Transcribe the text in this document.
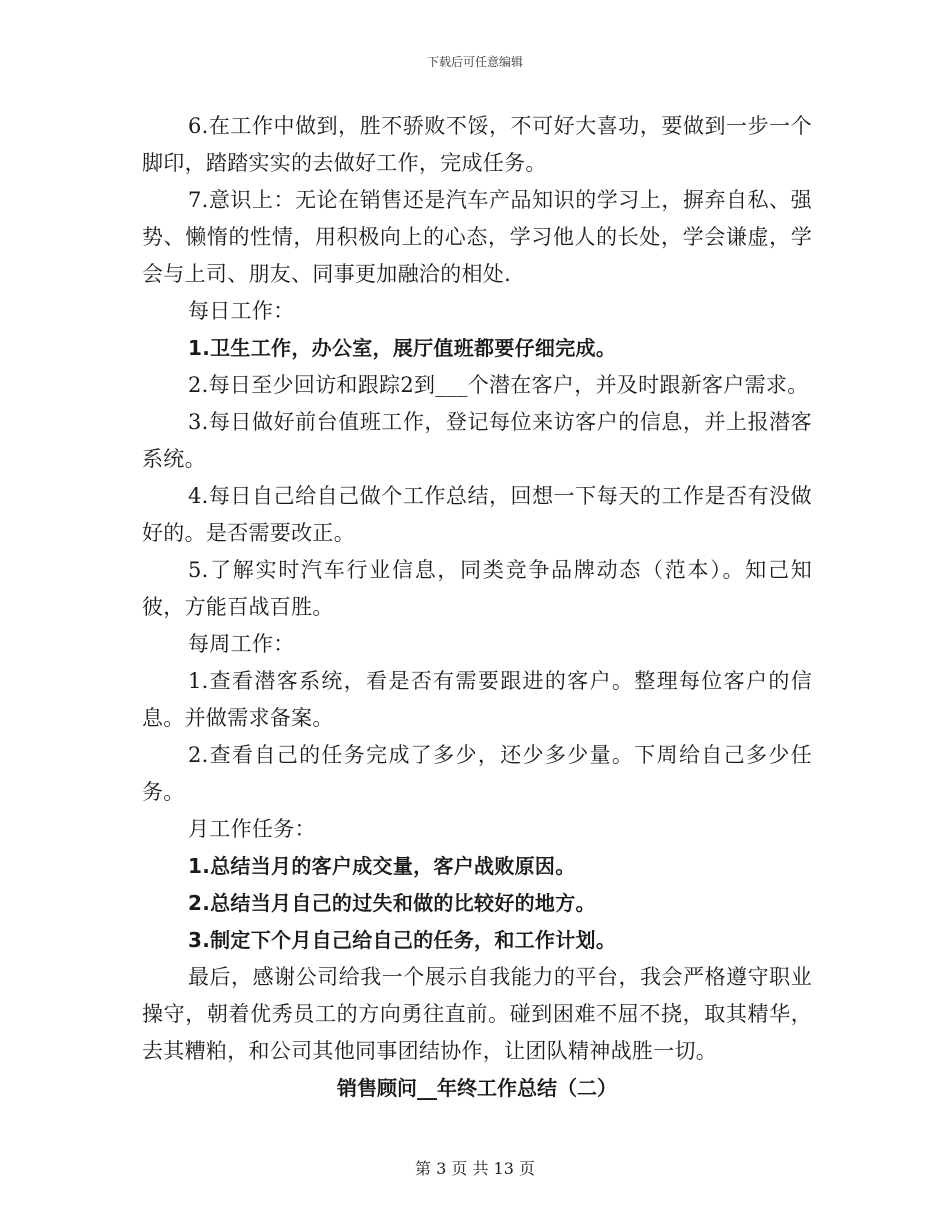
下载后可任意编辑

6.在工作中做到，胜不骄败不馁，不可好大喜功，要做到一步一个脚印，踏踏实实的去做好工作，完成任务。

7.意识上：无论在销售还是汽车产品知识的学习上，摒弃自私、强势、懒惰的性情，用积极向上的心态，学习他人的长处，学会谦虚，学会与上司、朋友、同事更加融洽的相处.

每日工作：

1.卫生工作，办公室，展厅值班都要仔细完成。

2.每日至少回访和跟踪2到___个潜在客户，并及时跟新客户需求。

3.每日做好前台值班工作，登记每位来访客户的信息，并上报潜客系统。

4.每日自己给自己做个工作总结，回想一下每天的工作是否有没做好的。是否需要改正。

5.了解实时汽车行业信息，同类竞争品牌动态（范本）。知己知彼，方能百战百胜。

每周工作：

1.查看潜客系统，看是否有需要跟进的客户。整理每位客户的信息。并做需求备案。

2.查看自己的任务完成了多少，还少多少量。下周给自己多少任务。

月工作任务：

1.总结当月的客户成交量，客户战败原因。

2.总结当月自己的过失和做的比较好的地方。

3.制定下个月自己给自己的任务，和工作计划。

最后，感谢公司给我一个展示自我能力的平台，我会严格遵守职业操守，朝着优秀员工的方向勇往直前。碰到困难不屈不挠，取其精华，去其糟粕，和公司其他同事团结协作，让团队精神战胜一切。

销售顾问__年终工作总结（二）

第 3 页 共 13 页
